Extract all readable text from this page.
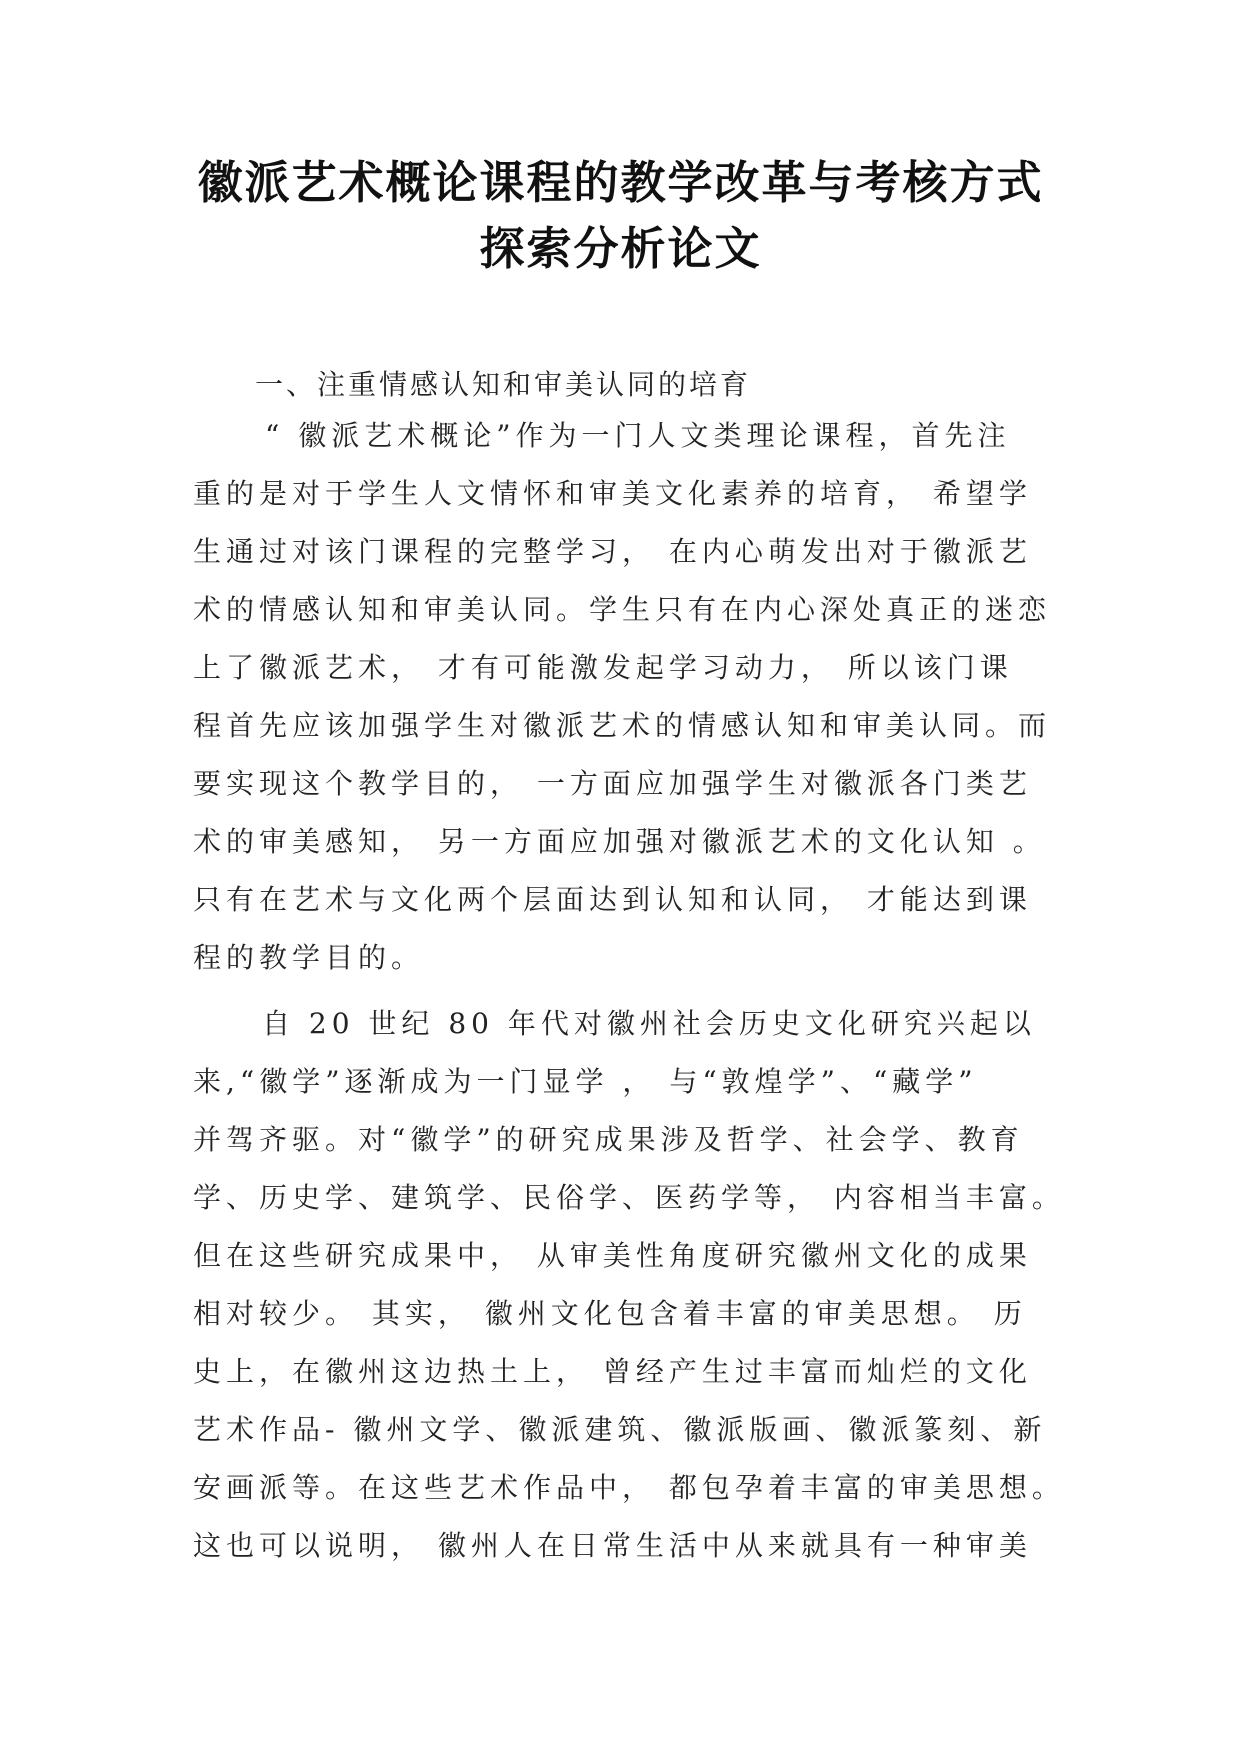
徽派艺术概论课程的教学改革与考核方式
探索分析论文
一、注重情感认知和审美认同的培育
“ 徽派艺术概论”作为一门人文类理论课程，首先注
重的是对于学生人文情怀和审美文化素养的培育， 希望学
生通过对该门课程的完整学习， 在内心萌发出对于徽派艺
术的情感认知和审美认同。学生只有在内心深处真正的迷恋
上了徽派艺术， 才有可能激发起学习动力， 所以该门课
程首先应该加强学生对徽派艺术的情感认知和审美认同。而
要实现这个教学目的， 一方面应加强学生对徽派各门类艺
术的审美感知， 另一方面应加强对徽派艺术的文化认知 。
只有在艺术与文化两个层面达到认知和认同， 才能达到课
程的教学目的。
自 20 世纪 80 年代对徽州社会历史文化研究兴起以
来,“徽学”逐渐成为一门显学 ， 与“敦煌学”、“藏学”
并驾齐驱。对“徽学”的研究成果涉及哲学、社会学、教育
学、历史学、建筑学、民俗学、医药学等， 内容相当丰富。
但在这些研究成果中， 从审美性角度研究徽州文化的成果
相对较少。 其实， 徽州文化包含着丰富的审美思想。 历
史上，在徽州这边热土上， 曾经产生过丰富而灿烂的文化
艺术作品- 徽州文学、徽派建筑、徽派版画、徽派篆刻、新
安画派等。在这些艺术作品中， 都包孕着丰富的审美思想。
这也可以说明， 徽州人在日常生活中从来就具有一种审美
